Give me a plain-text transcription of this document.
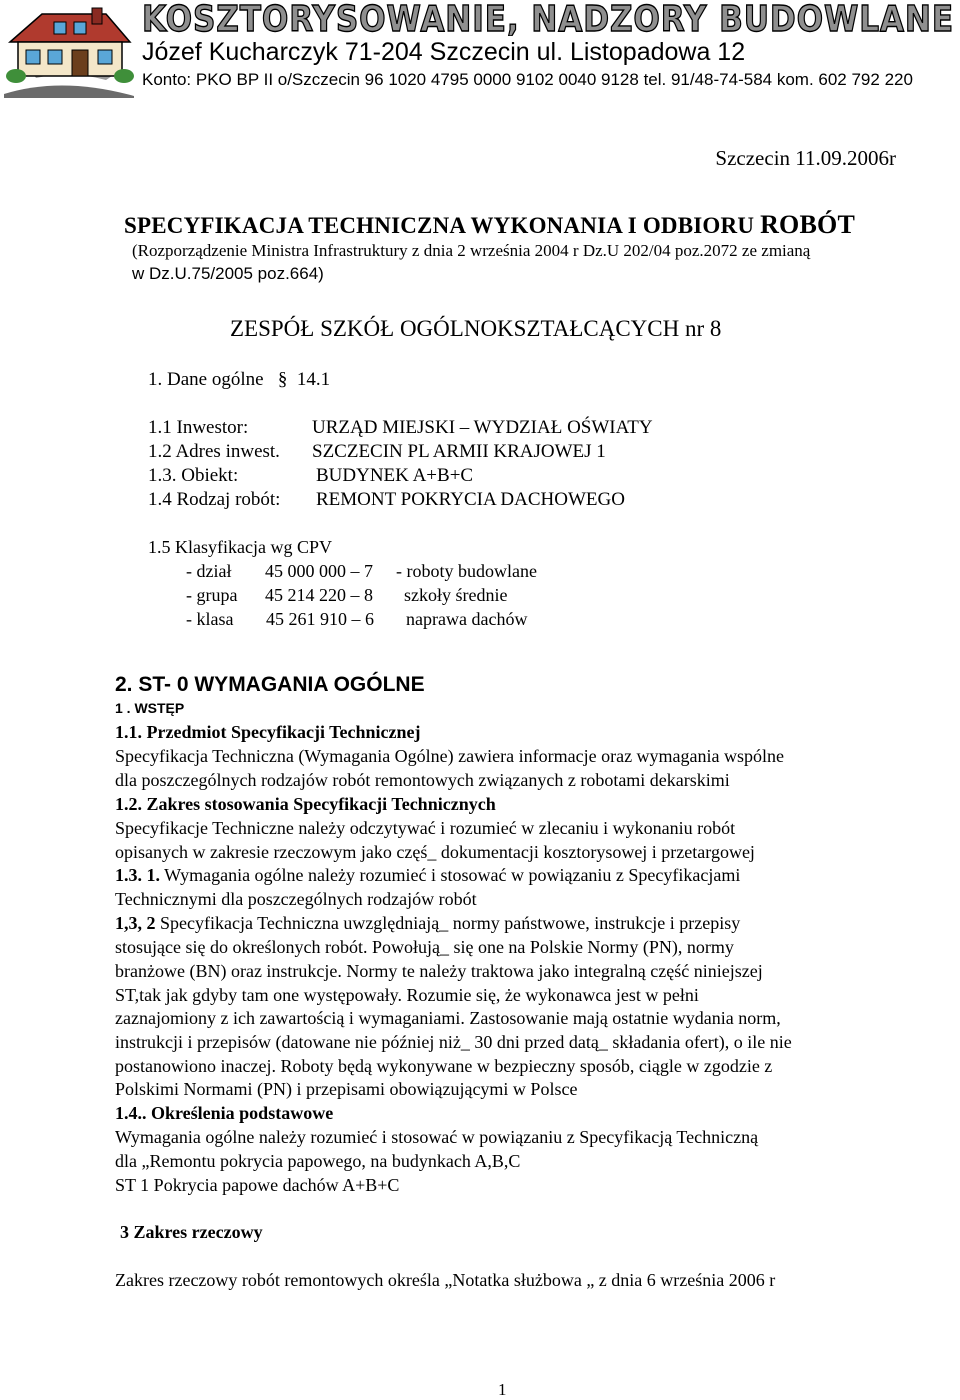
KOSZTORYSOWANIE, NADZORY BUDOWLANE
Józef Kucharczyk 71-204 Szczecin ul. Listopadowa 12
Konto: PKO BP II o/Szczecin 96 1020 4795 0000 9102 0040 9128 tel. 91/48-74-584 kom. 602 792 220
Szczecin 11.09.2006r
SPECYFIKACJA TECHNICZNA WYKONANIA I ODBIORU ROBÓT
(Rozporządzenie Ministra Infrastruktury z dnia 2 września 2004 r Dz.U 202/04 poz.2072 ze zmianą
w Dz.U.75/2005 poz.664)
ZESPÓŁ SZKÓŁ OGÓLNOKSZTAŁCĄCYCH nr 8
1. Dane ogólne § 14.1
1.1 Inwestor:	URZĄD MIEJSKI – WYDZIAŁ OŚWIATY
1.2 Adres inwest. SZCZECIN PL ARMII KRAJOWEJ 1
1.3. Obiekt:	BUDYNEK A+B+C
1.4 Rodzaj robót: REMONT POKRYCIA DACHOWEGO
1.5 Klasyfikacja wg CPV
- dział 45 000 000 – 7 - roboty budowlane
- grupa 45 214 220 – 8 szkoły średnie
- klasa 45 261 910 – 6 naprawa dachów
2. ST- 0 WYMAGANIA OGÓLNE
1 . WSTĘP
1.1. Przedmiot Specyfikacji Technicznej
Specyfikacja Techniczna (Wymagania Ogólne) zawiera informacje oraz wymagania wspólne
dla poszczególnych rodzajów robót remontowych związanych z robotami dekarskimi
1.2. Zakres stosowania Specyfikacji Technicznych
Specyfikacje Techniczne należy odczytywać i rozumieć w zlecaniu i wykonaniu robót
opisanych w zakresie rzeczowym jako częś_ dokumentacji kosztorysowej i przetargowej
1.3. 1. Wymagania ogólne należy rozumieć i stosować w powiązaniu z Specyfikacjami
Technicznymi dla poszczególnych rodzajów robót
1,3, 2 Specyfikacja Techniczna uwzględniają_ normy państwowe, instrukcje i przepisy
stosujące się do określonych robót. Powołują_ się one na Polskie Normy (PN), normy
branżowe (BN) oraz instrukcje. Normy te należy traktowa jako integralną część niniejszej
ST,tak jak gdyby tam one występowały. Rozumie się, że wykonawca jest w pełni
zaznajomiony z ich zawartością i wymaganiami. Zastosowanie mają ostatnie wydania norm,
instrukcji i przepisów (datowane nie później niż_ 30 dni przed datą_ składania ofert), o ile nie
postanowiono inaczej. Roboty będą wykonywane w bezpieczny sposób, ciągle w zgodzie z
Polskimi Normami (PN) i przepisami obowiązującymi w Polsce
1.4.. Określenia podstawowe
Wymagania ogólne należy rozumieć i stosować w powiązaniu z Specyfikacją Techniczną
dla „Remontu pokrycia papowego, na budynkach A,B,C
ST 1 Pokrycia papowe dachów A+B+C
3 Zakres rzeczowy
Zakres rzeczowy robót remontowych określa „Notatka służbowa „ z dnia 6 września 2006 r
1
